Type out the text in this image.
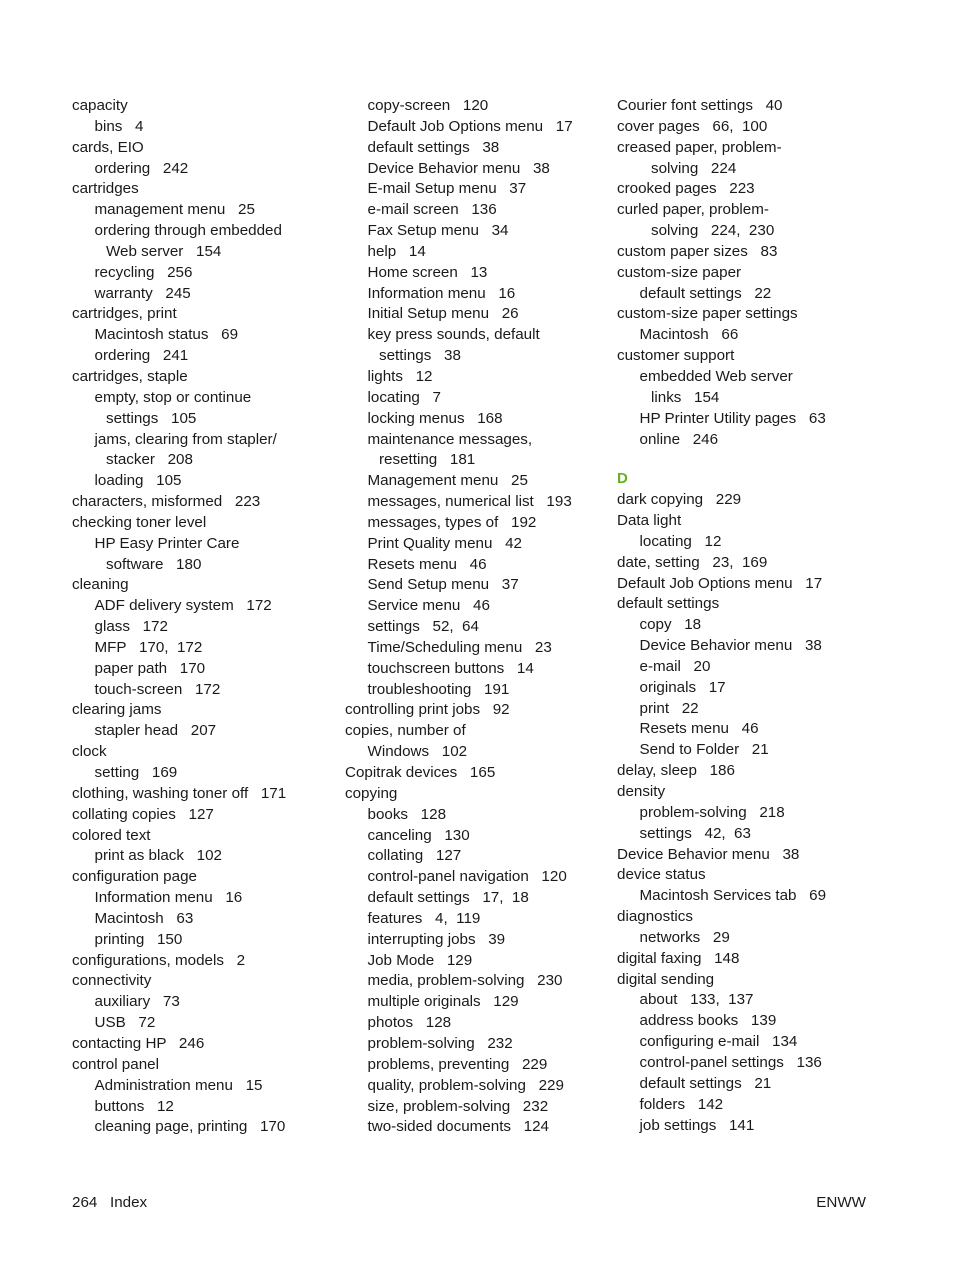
capacity
bins   4
cards, EIO
ordering   242
cartridges
management menu   25
ordering through embedded
Web server   154
recycling   256
warranty   245
cartridges, print
Macintosh status   69
ordering   241
cartridges, staple
empty, stop or continue
settings   105
jams, clearing from stapler/
stacker   208
loading   105
characters, misformed   223
checking toner level
HP Easy Printer Care
software   180
cleaning
ADF delivery system   172
glass   172
MFP   170,  172
paper path   170
touch-screen   172
clearing jams
stapler head   207
clock
setting   169
clothing, washing toner off   171
collating copies   127
colored text
print as black   102
configuration page
Information menu   16
Macintosh   63
printing   150
configurations, models   2
connectivity
auxiliary   73
USB   72
contacting HP   246
control panel
Administration menu   15
buttons   12
cleaning page, printing   170
copy-screen   120
Default Job Options menu   17
default settings   38
Device Behavior menu   38
E-mail Setup menu   37
e-mail screen   136
Fax Setup menu   34
help   14
Home screen   13
Information menu   16
Initial Setup menu   26
key press sounds, default
settings   38
lights   12
locating   7
locking menus   168
maintenance messages,
resetting   181
Management menu   25
messages, numerical list   193
messages, types of   192
Print Quality menu   42
Resets menu   46
Send Setup menu   37
Service menu   46
settings   52,  64
Time/Scheduling menu   23
touchscreen buttons   14
troubleshooting   191
controlling print jobs   92
copies, number of
Windows   102
Copitrak devices   165
copying
books   128
canceling   130
collating   127
control-panel navigation   120
default settings   17,  18
features   4,  119
interrupting jobs   39
Job Mode   129
media, problem-solving   230
multiple originals   129
photos   128
problem-solving   232
problems, preventing   229
quality, problem-solving   229
size, problem-solving   232
two-sided documents   124
Courier font settings   40
cover pages   66,  100
creased paper, problem-
solving   224
crooked pages   223
curled paper, problem-
solving   224,  230
custom paper sizes   83
custom-size paper
default settings   22
custom-size paper settings
Macintosh   66
customer support
embedded Web server
links   154
HP Printer Utility pages   63
online   246
D
dark copying   229
Data light
locating   12
date, setting   23,  169
Default Job Options menu   17
default settings
copy   18
Device Behavior menu   38
e-mail   20
originals   17
print   22
Resets menu   46
Send to Folder   21
delay, sleep   186
density
problem-solving   218
settings   42,  63
Device Behavior menu   38
device status
Macintosh Services tab   69
diagnostics
networks   29
digital faxing   148
digital sending
about   133,  137
address books   139
configuring e-mail   134
control-panel settings   136
default settings   21
folders   142
job settings   141
264   Index	ENWW
